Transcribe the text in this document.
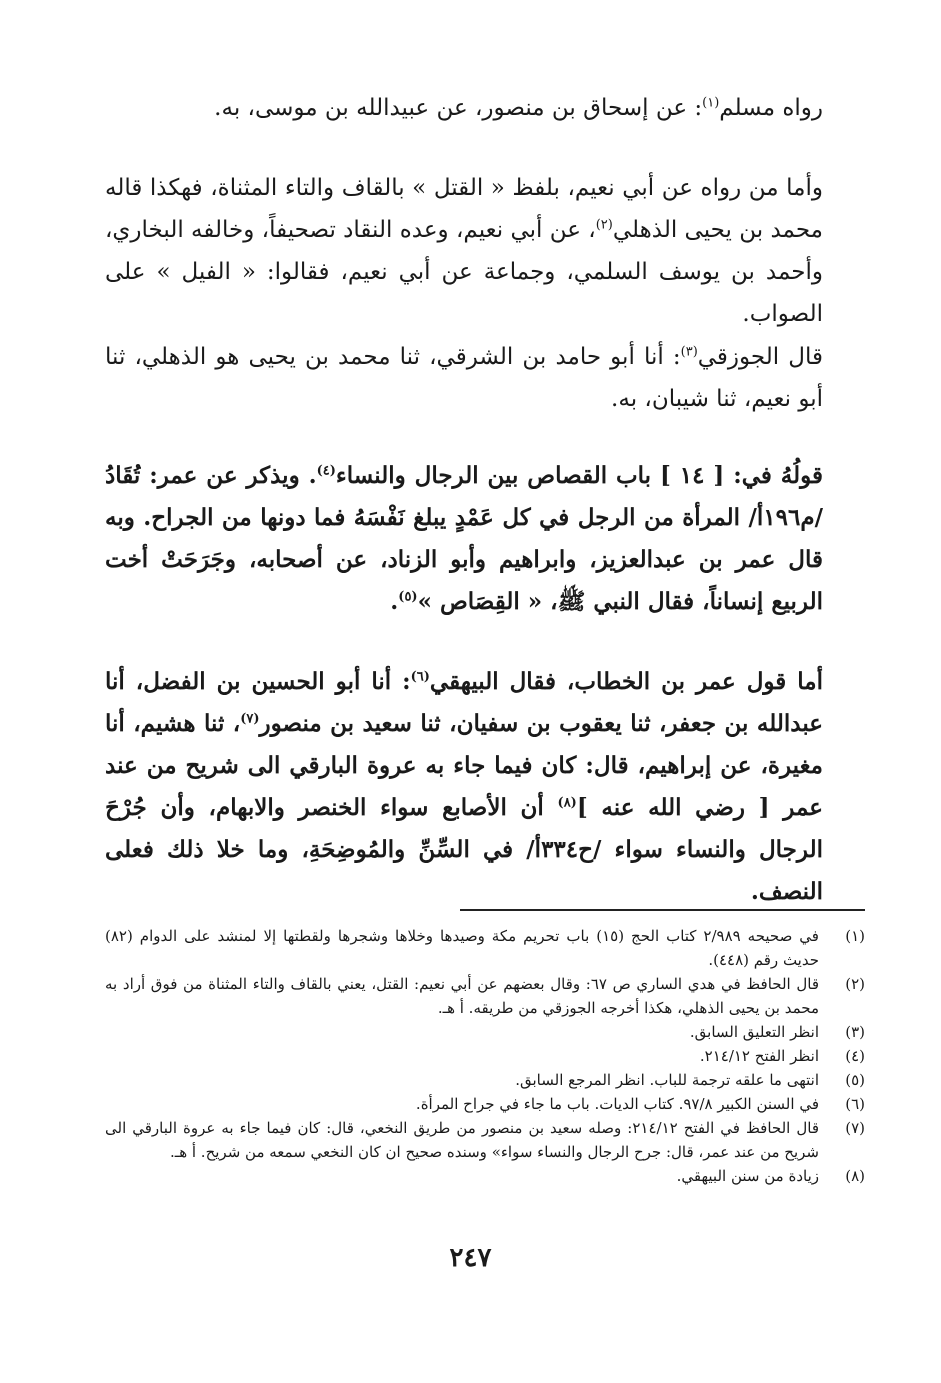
رواه مسلم$^{(١)}$: عن إسحاق بن منصور، عن عبيدالله بن موسى، به.
وأما من رواه عن أبي نعيم، بلفظ « القتل » بالقاف والتاء المثناة، فهكذا قاله محمد بن يحيى الذهلي$^{(٢)}$، عن أبي نعيم، وعده النقاد تصحيفاً، وخالفه البخاري، وأحمد بن يوسف السلمي، وجماعة عن أبي نعيم، فقالوا: « الفيل » على الصواب.
قال الجوزقي$^{(٣)}$: أنا أبو حامد بن الشرقي، ثنا محمد بن يحيى هو الذهلي، ثنا أبو نعيم، ثنا شيبان، به.
قولُهُ في: [ ١٤ ] باب القصاص بين الرجال والنساء$^{(٤)}$. ويذكر عن عمر: تُقَادُ /م١٩٦أ/ المرأة من الرجل في كل عَمْدٍ يبلغ نَفْسَهُ فما دونها من الجراح. وبه قال عمر بن عبدالعزيز، وابراهيم وأبو الزناد، عن أصحابه، وجَرَحَتْ أخت الربيع إنساناً، فقال النبي ﷺ، « القِصَاص »$^{(٥)}$.
أما قول عمر بن الخطاب، فقال البيهقي$^{(٦)}$: أنا أبو الحسين بن الفضل، أنا عبدالله بن جعفر، ثنا يعقوب بن سفيان، ثنا سعيد بن منصور$^{(٧)}$، ثنا هشيم، أنا مغيرة، عن إبراهيم، قال: كان فيما جاء به عروة البارقي الى شريح من عند عمر [ رضي الله عنه ]$^{(٨)}$ أن الأصابع سواء الخنصر والابهام، وأن جُرْحَ الرجال والنساء سواء /ح٣٣٤أ/ في السِّنِّ والمُوضِحَةِ، وما خلا ذلك فعلى النصف.
(١)
في صحيحه ٢/٩٨٩ كتاب الحج (١٥) باب تحريم مكة وصيدها وخلاها وشجرها ولقطتها إلا لمنشد على الدوام (٨٢) حديث رقم (٤٤٨).
(٢)
قال الحافظ في هدي الساري ص ٦٧: وقال بعضهم عن أبي نعيم: القتل، يعني بالقاف والتاء المثناة من فوق أراد به محمد بن يحيى الذهلي، هكذا أخرجه الجوزقي من طريقه. أ هـ.
(٣)
انظر التعليق السابق.
(٤)
انظر الفتح ٢١٤/١٢.
(٥)
انتهى ما علقه ترجمة للباب. انظر المرجع السابق.
(٦)
في السنن الكبير ٩٧/٨. كتاب الديات. باب ما جاء في جراح المرأة.
(٧)
قال الحافظ في الفتح ٢١٤/١٢: وصله سعيد بن منصور من طريق النخعي، قال: كان فيما جاء به عروة البارقي الى شريح من عند عمر، قال: جرح الرجال والنساء سواء» وسنده صحيح ان كان النخعي سمعه من شريح. أ هـ.
(٨)
زيادة من سنن البيهقي.
٢٤٧
